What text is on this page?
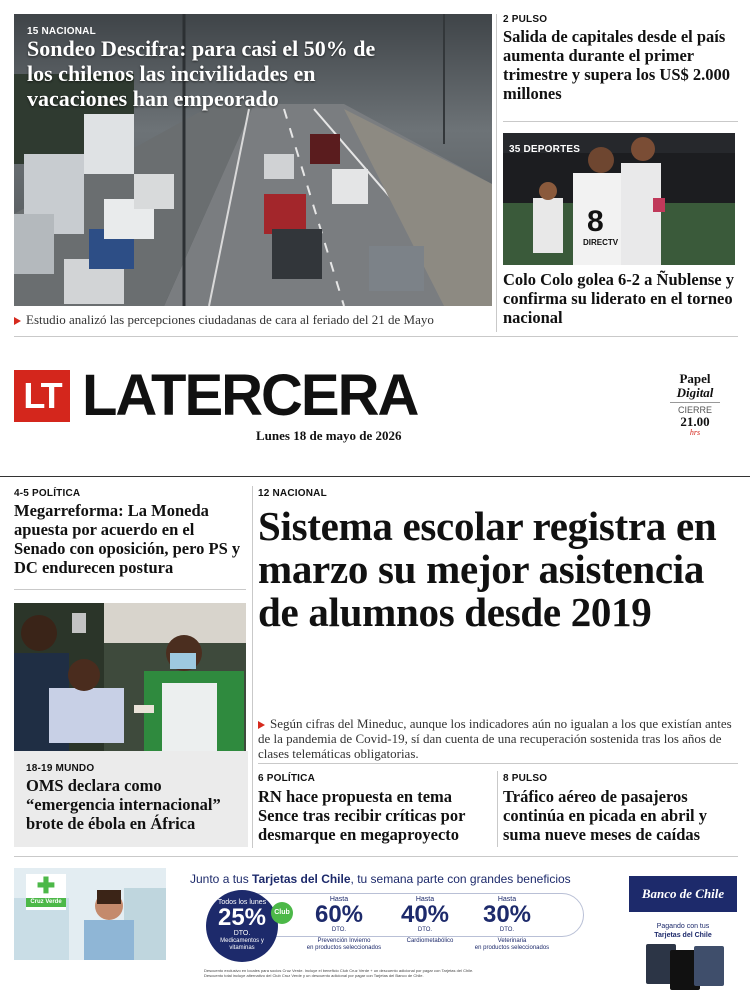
15 NACIONAL
Sondeo Descifra: para casi el 50% de los chilenos las incivilidades en vacaciones han empeorado
Estudio analizó las percepciones ciudadanas de cara al feriado del 21 de Mayo
2 PULSO
Salida de capitales desde el país aumenta durante el primer trimestre y supera los US$ 2.000 millones
8
DIRECTV
35 DEPORTES
Colo Colo golea 6-2 a Ñublense y confirma su liderato en el torneo nacional
LT LATERCERA
Lunes 18 de mayo de 2026
Papel
Digital
CIERRE
21.00
hrs
4-5 POLÍTICA
Megarreforma: La Moneda apuesta por acuerdo en el Senado con oposición, pero PS y DC endurecen postura
18-19 MUNDO
OMS declara como “emergencia internacional” brote de ébola en África
12 NACIONAL
Sistema escolar registra en marzo su mejor asistencia de alumnos desde 2019
Según cifras del Mineduc, aunque los indicadores aún no igualan a los que existían antes de la pandemia de Covid-19, sí dan cuenta de una recuperación sostenida tras los años de clases telemáticas obligatorias.
6 POLÍTICA
RN hace propuesta en tema Sence tras recibir críticas por desmarque en megaproyecto
8 PULSO
Tráfico aéreo de pasajeros continúa en picada en abril y suma nueve meses de caídas
✚
Cruz Verde
Junto a tus Tarjetas del Chile, tu semana parte con grandes beneficios
Todos los lunes
25%
DTO.
Medicamentos y vitaminas
Club
Hasta
60%
DTO.
Prevención Invierno
en productos seleccionados
Hasta
40%
DTO.
Cardiometabólico
Hasta
30%
DTO.
Veterinaria
en productos seleccionados
Descuento exclusivo en locales para socios Cruz Verde. Incluye el beneficio Club Cruz Verde + un descuento adicional por pagar con Tarjetas del Chile.
Descuento total incluye alternativo del Club Cruz Verde y un descuento adicional por pagar con Tarjetas del Banco de Chile.
Banco de Chile
Pagando con tus
Tarjetas del Chile
